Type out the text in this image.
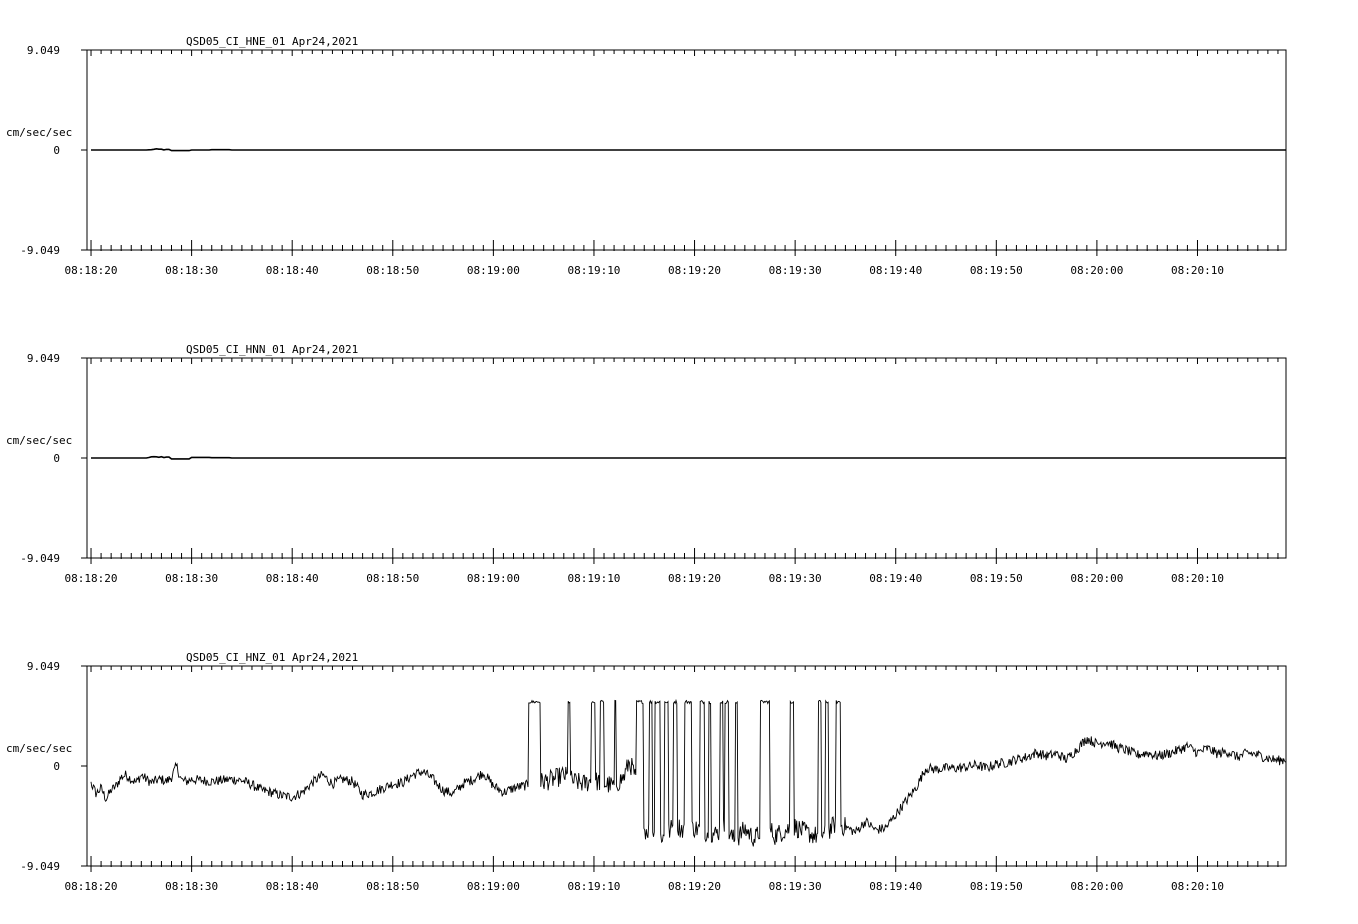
QSD05_CI_HNE_01 Apr24,2021
9.049
0
-9.049
cm/sec/sec
08:18:20	08:18:30	08:18:40	08:18:50	08:19:00	08:19:10	08:19:20	08:19:30	08:19:40	08:19:50	08:20:00	08:20:10
QSD05_CI_HNN_01 Apr24,2021
9.049
0
-9.049
cm/sec/sec
08:18:20	08:18:30	08:18:40	08:18:50	08:19:00	08:19:10	08:19:20	08:19:30	08:19:40	08:19:50	08:20:00	08:20:10
QSD05_CI_HNZ_01 Apr24,2021
9.049
0
-9.049
cm/sec/sec
08:18:20	08:18:30	08:18:40	08:18:50	08:19:00	08:19:10	08:19:20	08:19:30	08:19:40	08:19:50	08:20:00	08:20:10
